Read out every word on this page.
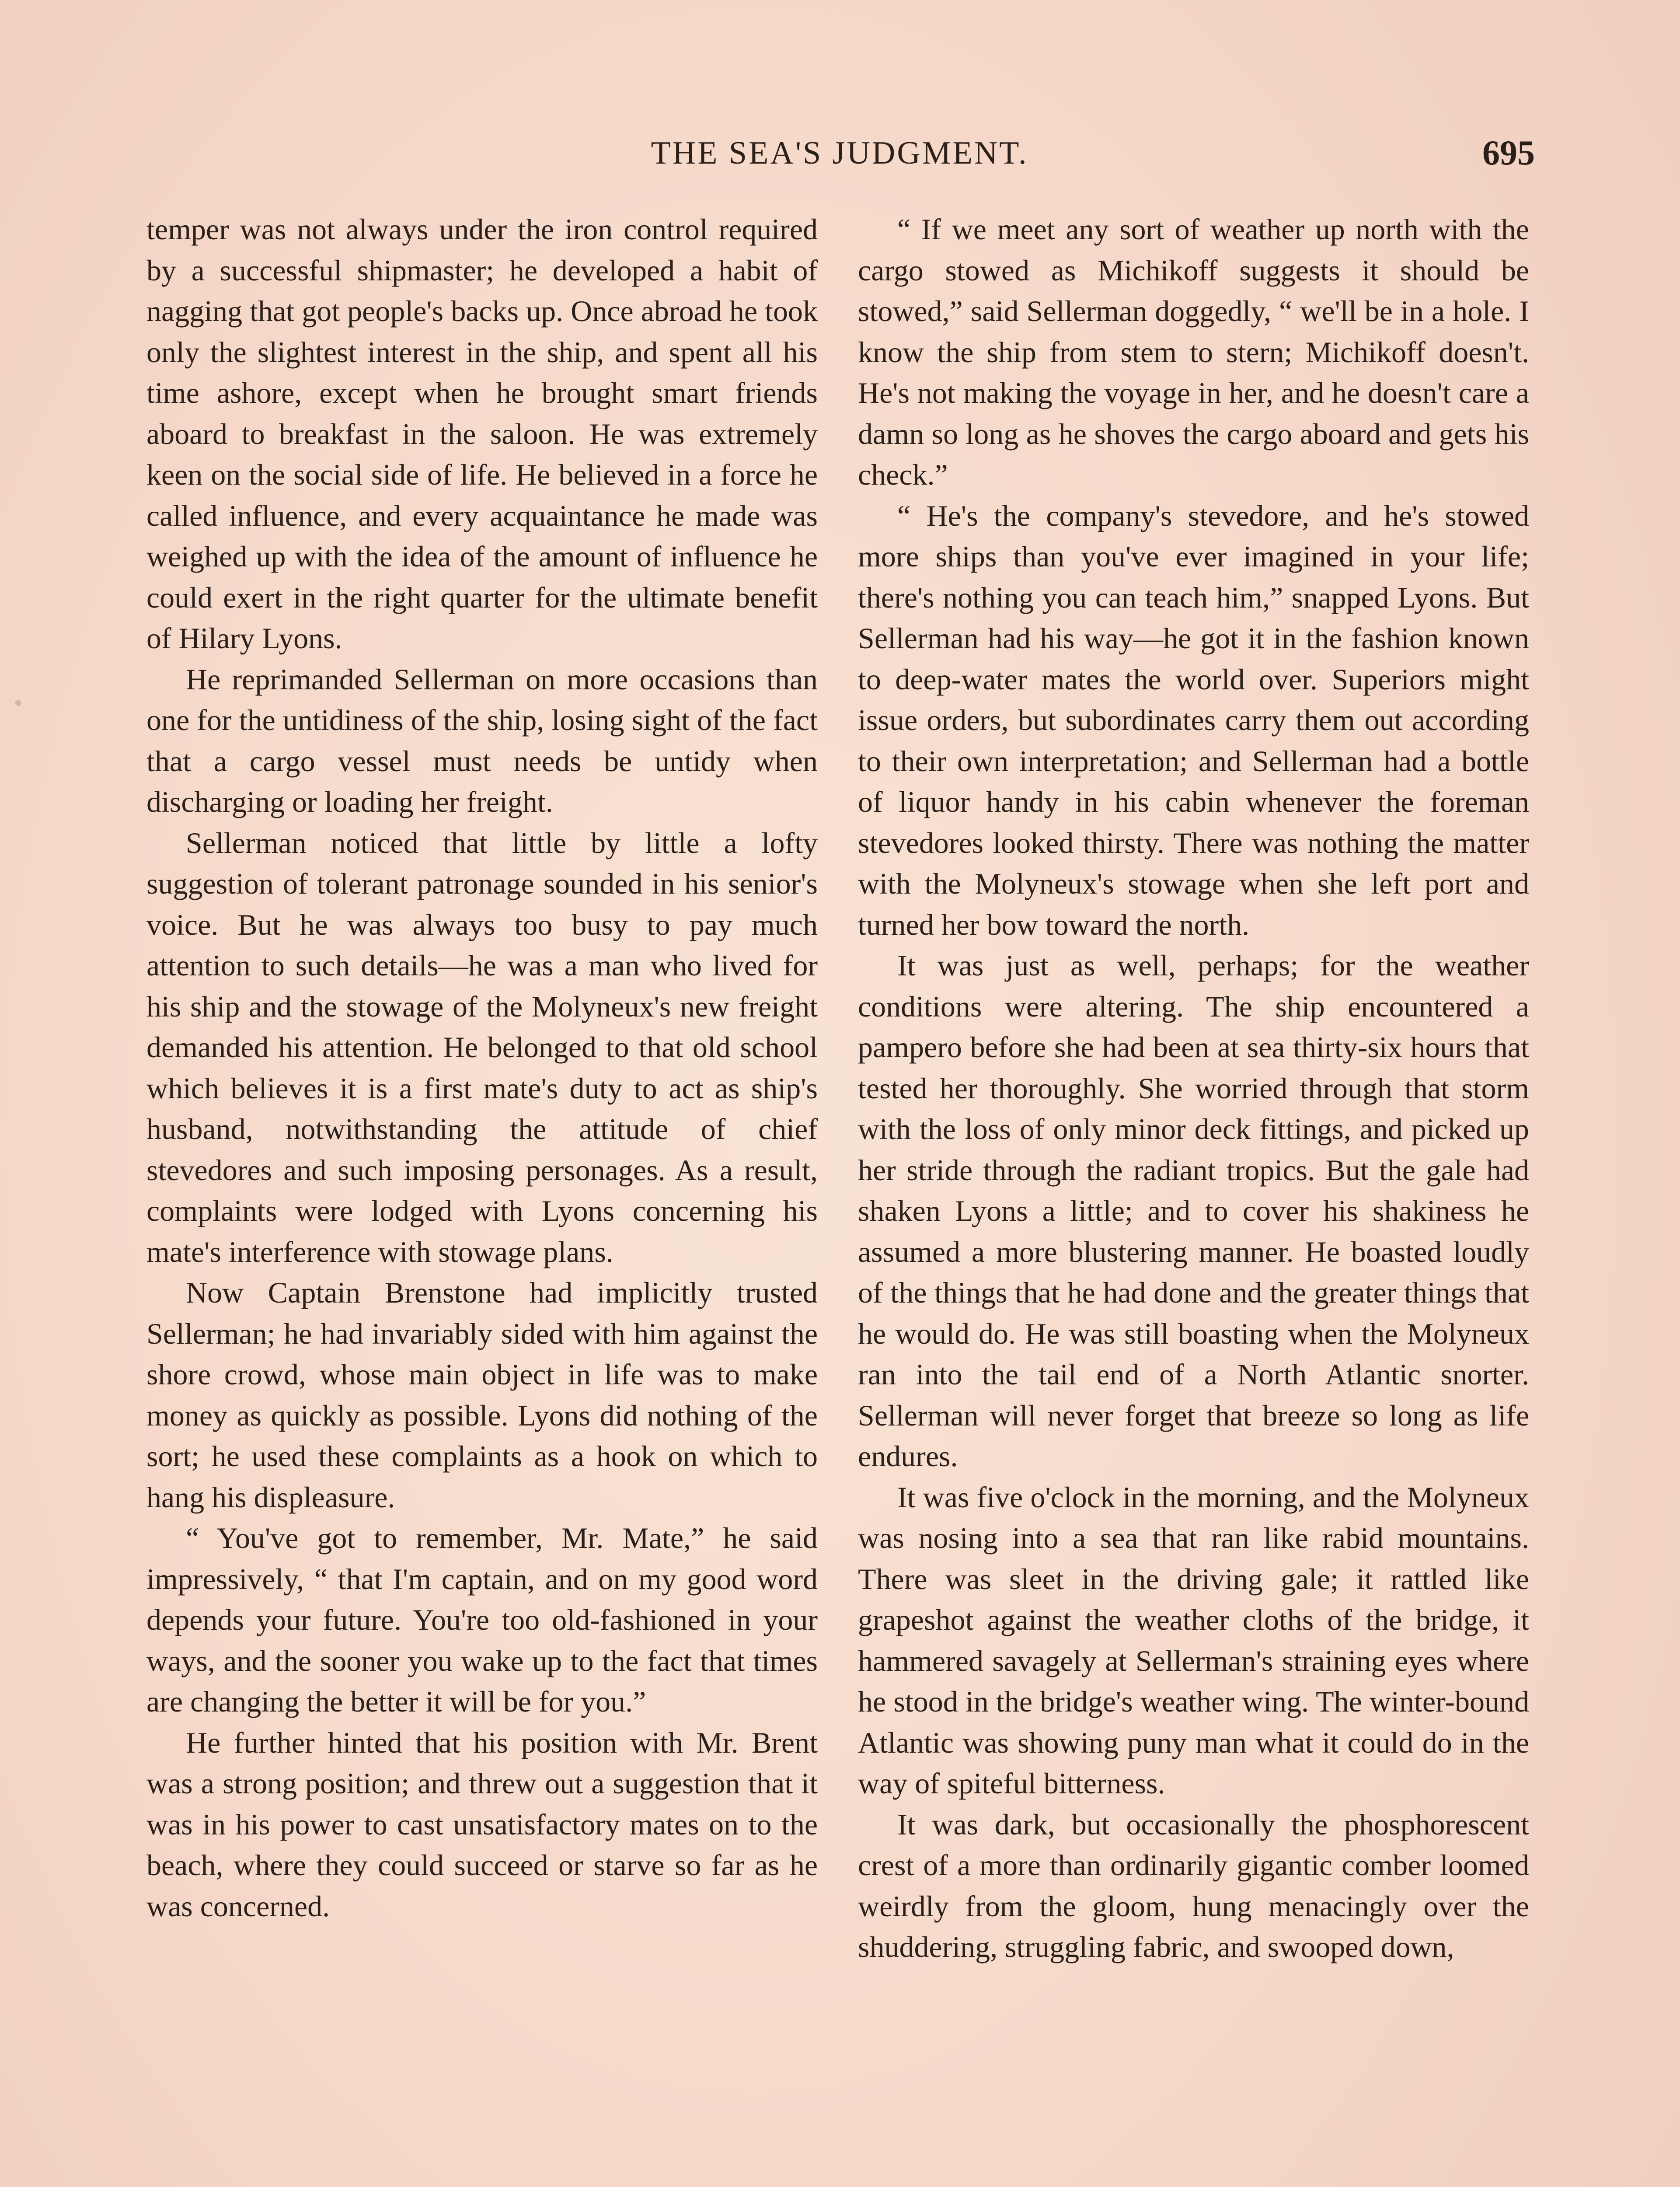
THE SEA'S JUDGMENT.	695

temper was not always under the iron control required by a successful shipmaster; he developed a habit of nagging that got people's backs up. Once abroad he took only the slightest interest in the ship, and spent all his time ashore, except when he brought smart friends aboard to breakfast in the saloon. He was extremely keen on the social side of life. He believed in a force he called influence, and every acquaintance he made was weighed up with the idea of the amount of influence he could exert in the right quarter for the ultimate benefit of Hilary Lyons.

He reprimanded Sellerman on more occasions than one for the untidiness of the ship, losing sight of the fact that a cargo vessel must needs be untidy when discharging or loading her freight.

Sellerman noticed that little by little a lofty suggestion of tolerant patronage sounded in his senior's voice. But he was always too busy to pay much attention to such details—he was a man who lived for his ship and the stowage of the Molyneux's new freight demanded his attention. He belonged to that old school which believes it is a first mate's duty to act as ship's husband, notwithstanding the attitude of chief stevedores and such imposing personages. As a result, complaints were lodged with Lyons concerning his mate's interference with stowage plans.

Now Captain Brenstone had implicitly trusted Sellerman; he had invariably sided with him against the shore crowd, whose main object in life was to make money as quickly as possible. Lyons did nothing of the sort; he used these complaints as a hook on which to hang his displeasure.

“ You've got to remember, Mr. Mate,” he said impressively, “ that I'm captain, and on my good word depends your future. You're too old-fashioned in your ways, and the sooner you wake up to the fact that times are changing the better it will be for you.”

He further hinted that his position with Mr. Brent was a strong position; and threw out a suggestion that it was in his power to cast unsatisfactory mates on to the beach, where they could succeed or starve so far as he was concerned.

“ If we meet any sort of weather up north with the cargo stowed as Michikoff suggests it should be stowed,” said Sellerman doggedly, “ we'll be in a hole. I know the ship from stem to stern; Michikoff doesn't. He's not making the voyage in her, and he doesn't care a damn so long as he shoves the cargo aboard and gets his check.”

“ He's the company's stevedore, and he's stowed more ships than you've ever imagined in your life; there's nothing you can teach him,” snapped Lyons. But Sellerman had his way—he got it in the fashion known to deep-water mates the world over. Superiors might issue orders, but subordinates carry them out according to their own interpretation; and Sellerman had a bottle of liquor handy in his cabin whenever the foreman stevedores looked thirsty. There was nothing the matter with the Molyneux's stowage when she left port and turned her bow toward the north.

It was just as well, perhaps; for the weather conditions were altering. The ship encountered a pampero before she had been at sea thirty-six hours that tested her thoroughly. She worried through that storm with the loss of only minor deck fittings, and picked up her stride through the radiant tropics. But the gale had shaken Lyons a little; and to cover his shakiness he assumed a more blustering manner. He boasted loudly of the things that he had done and the greater things that he would do. He was still boasting when the Molyneux ran into the tail end of a North Atlantic snorter. Sellerman will never forget that breeze so long as life endures.

It was five o'clock in the morning, and the Molyneux was nosing into a sea that ran like rabid mountains. There was sleet in the driving gale; it rattled like grapeshot against the weather cloths of the bridge, it hammered savagely at Sellerman's straining eyes where he stood in the bridge's weather wing. The winter-bound Atlantic was showing puny man what it could do in the way of spiteful bitterness.

It was dark, but occasionally the phosphorescent crest of a more than ordinarily gigantic comber loomed weirdly from the gloom, hung menacingly over the shuddering, struggling fabric, and swooped down,
